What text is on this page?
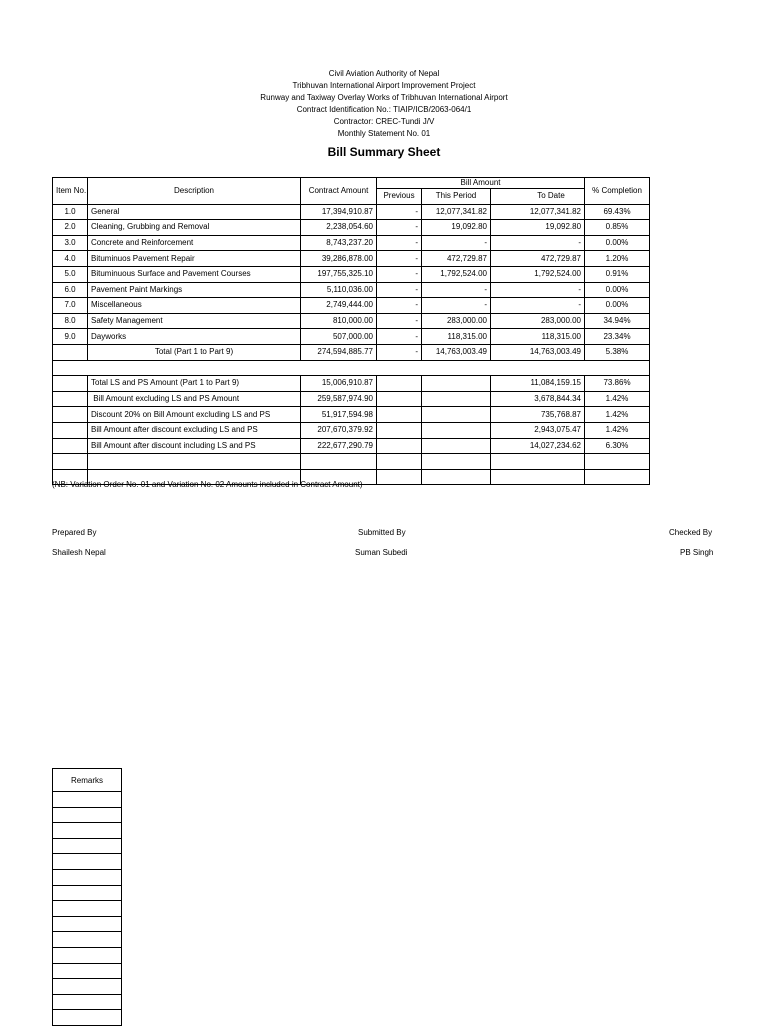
Civil Aviation Authority of Nepal
Tribhuvan International Airport Improvement Project
Runway and Taxiway Overlay Works of Tribhuvan International Airport
Contract Identification No.: TIAIP/ICB/2063-064/1
Contractor: CREC-Tundi J/V
Monthly Statement No. 01
Bill Summary Sheet
Item No.	Description	Contract Amount	Bill Amount			% Completion
			Previous	This Period	To Date	
1.0	General	17,394,910.87	-	12,077,341.82	12,077,341.82	69.43%
2.0	Cleaning, Grubbing and Removal	2,238,054.60	-	19,092.80	19,092.80	0.85%
3.0	Concrete and Reinforcement	8,743,237.20	-	-	-	0.00%
4.0	Bituminuos Pavement Repair	39,286,878.00	-	472,729.87	472,729.87	1.20%
5.0	Bituminuous Surface and Pavement Courses	197,755,325.10	-	1,792,524.00	1,792,524.00	0.91%
6.0	Pavement Paint Markings	5,110,036.00	-	-	-	0.00%
7.0	Miscellaneous	2,749,444.00	-	-	-	0.00%
8.0	Safety Management	810,000.00	-	283,000.00	283,000.00	34.94%
9.0	Dayworks	507,000.00	-	118,315.00	118,315.00	23.34%
	Total (Part 1 to Part 9)	274,594,885.77	-	14,763,003.49	14,763,003.49	5.38%

	Total LS and PS Amount (Part 1 to Part 9)	15,006,910.87			11,084,159.15	73.86%
	Bill Amount excluding LS and PS Amount	259,587,974.90			3,678,844.34	1.42%
	Discount 20% on Bill Amount excluding LS and PS	51,917,594.98			735,768.87	1.42%
	Bill Amount after discount excluding LS and PS	207,670,379.92			2,943,075.47	1.42%
	Bill Amount after discount including LS and PS	222,677,290.79			14,027,234.62	6.30%

(NB: Variation Order No. 01 and Variation No. 02 Amounts included in Contract Amount)
Prepared By
Shailesh Nepal
Submitted By
Suman Subedi
Checked By
PB Singh
Remarks
